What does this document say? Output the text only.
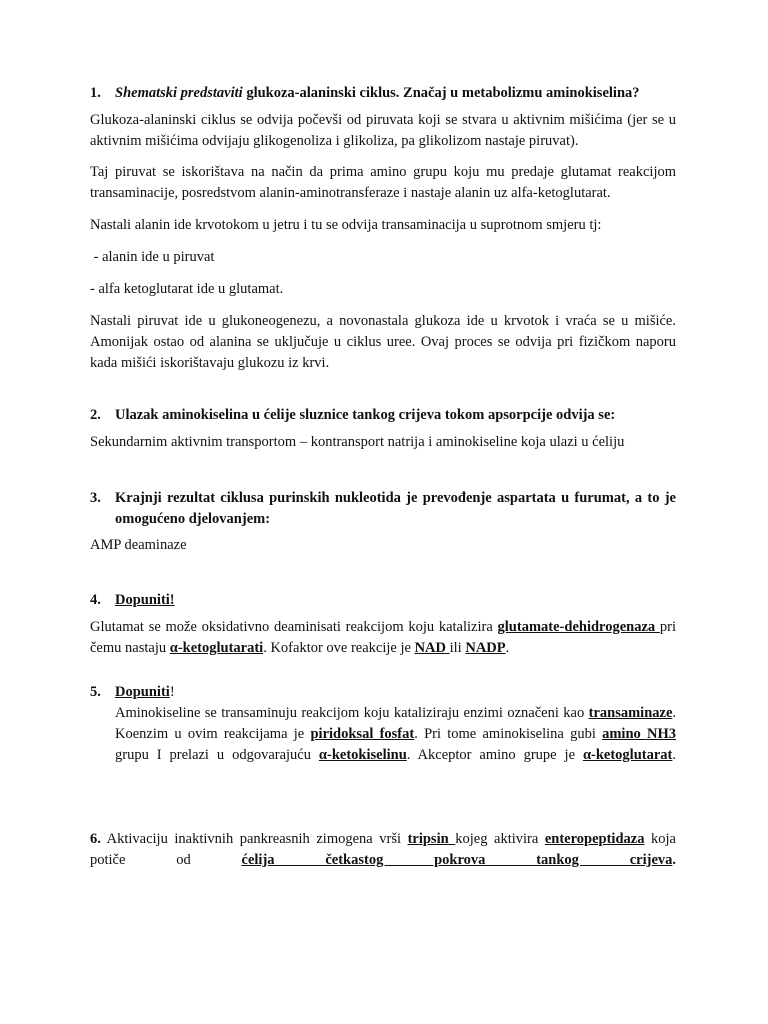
1. Shematski predstaviti glukoza-alaninski ciklus. Značaj u metabolizmu aminokiselina?

Glukoza-alaninski ciklus se odvija počevši od piruvata koji se stvara u aktivnim mišićima (jer se u aktivnim mišićima odvijaju glikogenoliza i glikoliza, pa glikolizom nastaje piruvat).

Taj piruvat se iskorištava na način da prima amino grupu koju mu predaje glutamat reakcijom transaminacije, posredstvom alanin-aminotransferaze i nastaje alanin uz alfa-ketoglutarat.

Nastali alanin ide krvotokom u jetru i tu se odvija transaminacija u suprotnom smjeru tj:

- alanin ide u piruvat

- alfa ketoglutarat ide u glutamat.

Nastali piruvat ide u glukoneogenezu, a novonastala glukoza ide u krvotok i vraća se u mišiće. Amonijak ostao od alanina se uključuje u ciklus uree. Ovaj proces se odvija pri fizičkom naporu kada mišići iskorištavaju glukozu iz krvi.

2. Ulazak aminokiselina u ćelije sluznice tankog crijeva tokom apsorpcije odvija se:

Sekundarnim aktivnim transportom – kontransport natrija i aminokiseline koja ulazi u ćeliju

3. Krajnji rezultat ciklusa purinskih nukleotida je prevođenje aspartata u furumat, a to je omogućeno djelovanjem:

AMP deaminaze

4. Dopuniti!

Glutamat se može oksidativno deaminisati reakcijom koju katalizira glutamate-dehidrogenaza pri čemu nastaju α-ketoglutarati. Kofaktor ove reakcije je NAD ili NADP.

5. Dopuniti!

Aminokiseline se transaminuju reakcijom koju kataliziraju enzimi označeni kao transaminaze. Koenzim u ovim reakcijama je piridoksal fosfat. Pri tome aminokiselina gubi amino NH3 grupu I prelazi u odgovarajuću α-ketokiselinu. Akceptor amino grupe je α-ketoglutarat.

6. Aktivaciju inaktivnih pankreasnih zimogena vrši tripsin kojeg aktivira enteropeptidaza koja potiče od ćelija četkastog pokrova tankog crijeva.
